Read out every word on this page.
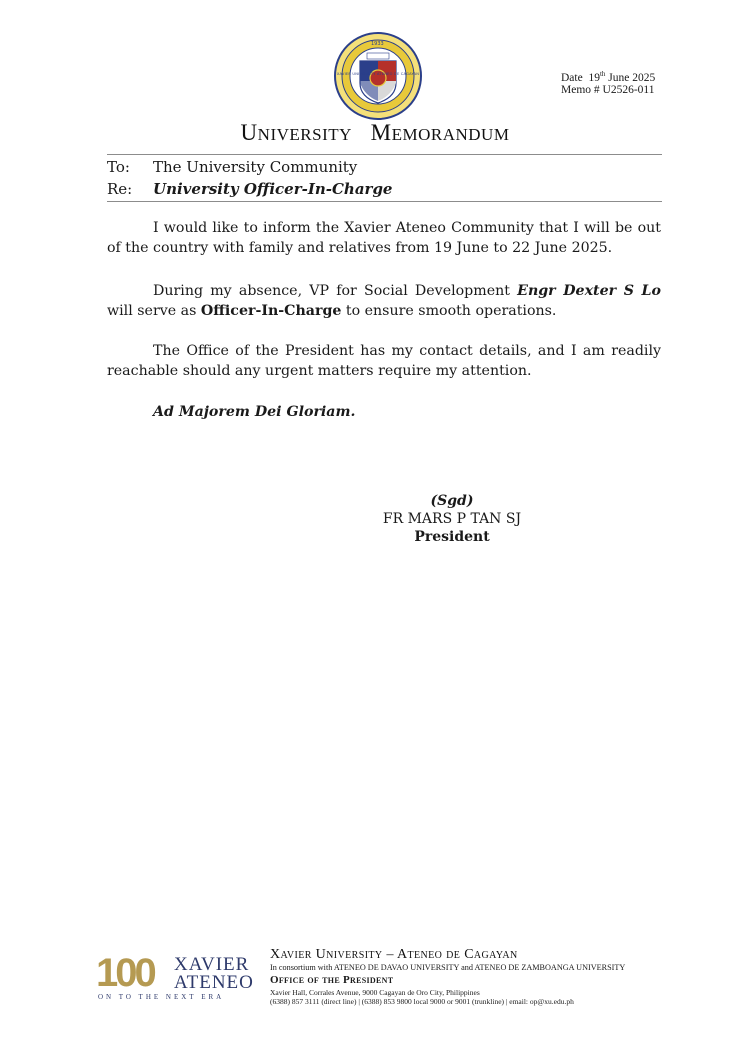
1933
XAVIER UNIVERSITY ATENEO DE CAGAYAN	Date 19th June 2025
Memo # U2526-011
UNIVERSITY MEMORANDUM
To: The University Community
Re: University Officer-In-Charge

I would like to inform the Xavier Ateneo Community that I will be out of the country with family and relatives from 19 June to 22 June 2025.

During my absence, VP for Social Development Engr Dexter S Lo will serve as Officer-In-Charge to ensure smooth operations.

The Office of the President has my contact details, and I am readily reachable should any urgent matters require my attention.

Ad Majorem Dei Gloriam.
(Sgd)
FR MARS P TAN SJ
President
100 XAVIER
ATENEO
ON TO THE NEXT ERA
Xavier University – Ateneo de Cagayan
In consortium with ATENEO DE DAVAO UNIVERSITY and ATENEO DE ZAMBOANGA UNIVERSITY
Office of the President
Xavier Hall, Corrales Avenue, 9000 Cagayan de Oro City, Philippines
(6388) 857 3111 (direct line) | (6388) 853 9800 local 9000 or 9001 (trunkline) | email: op@xu.edu.ph
